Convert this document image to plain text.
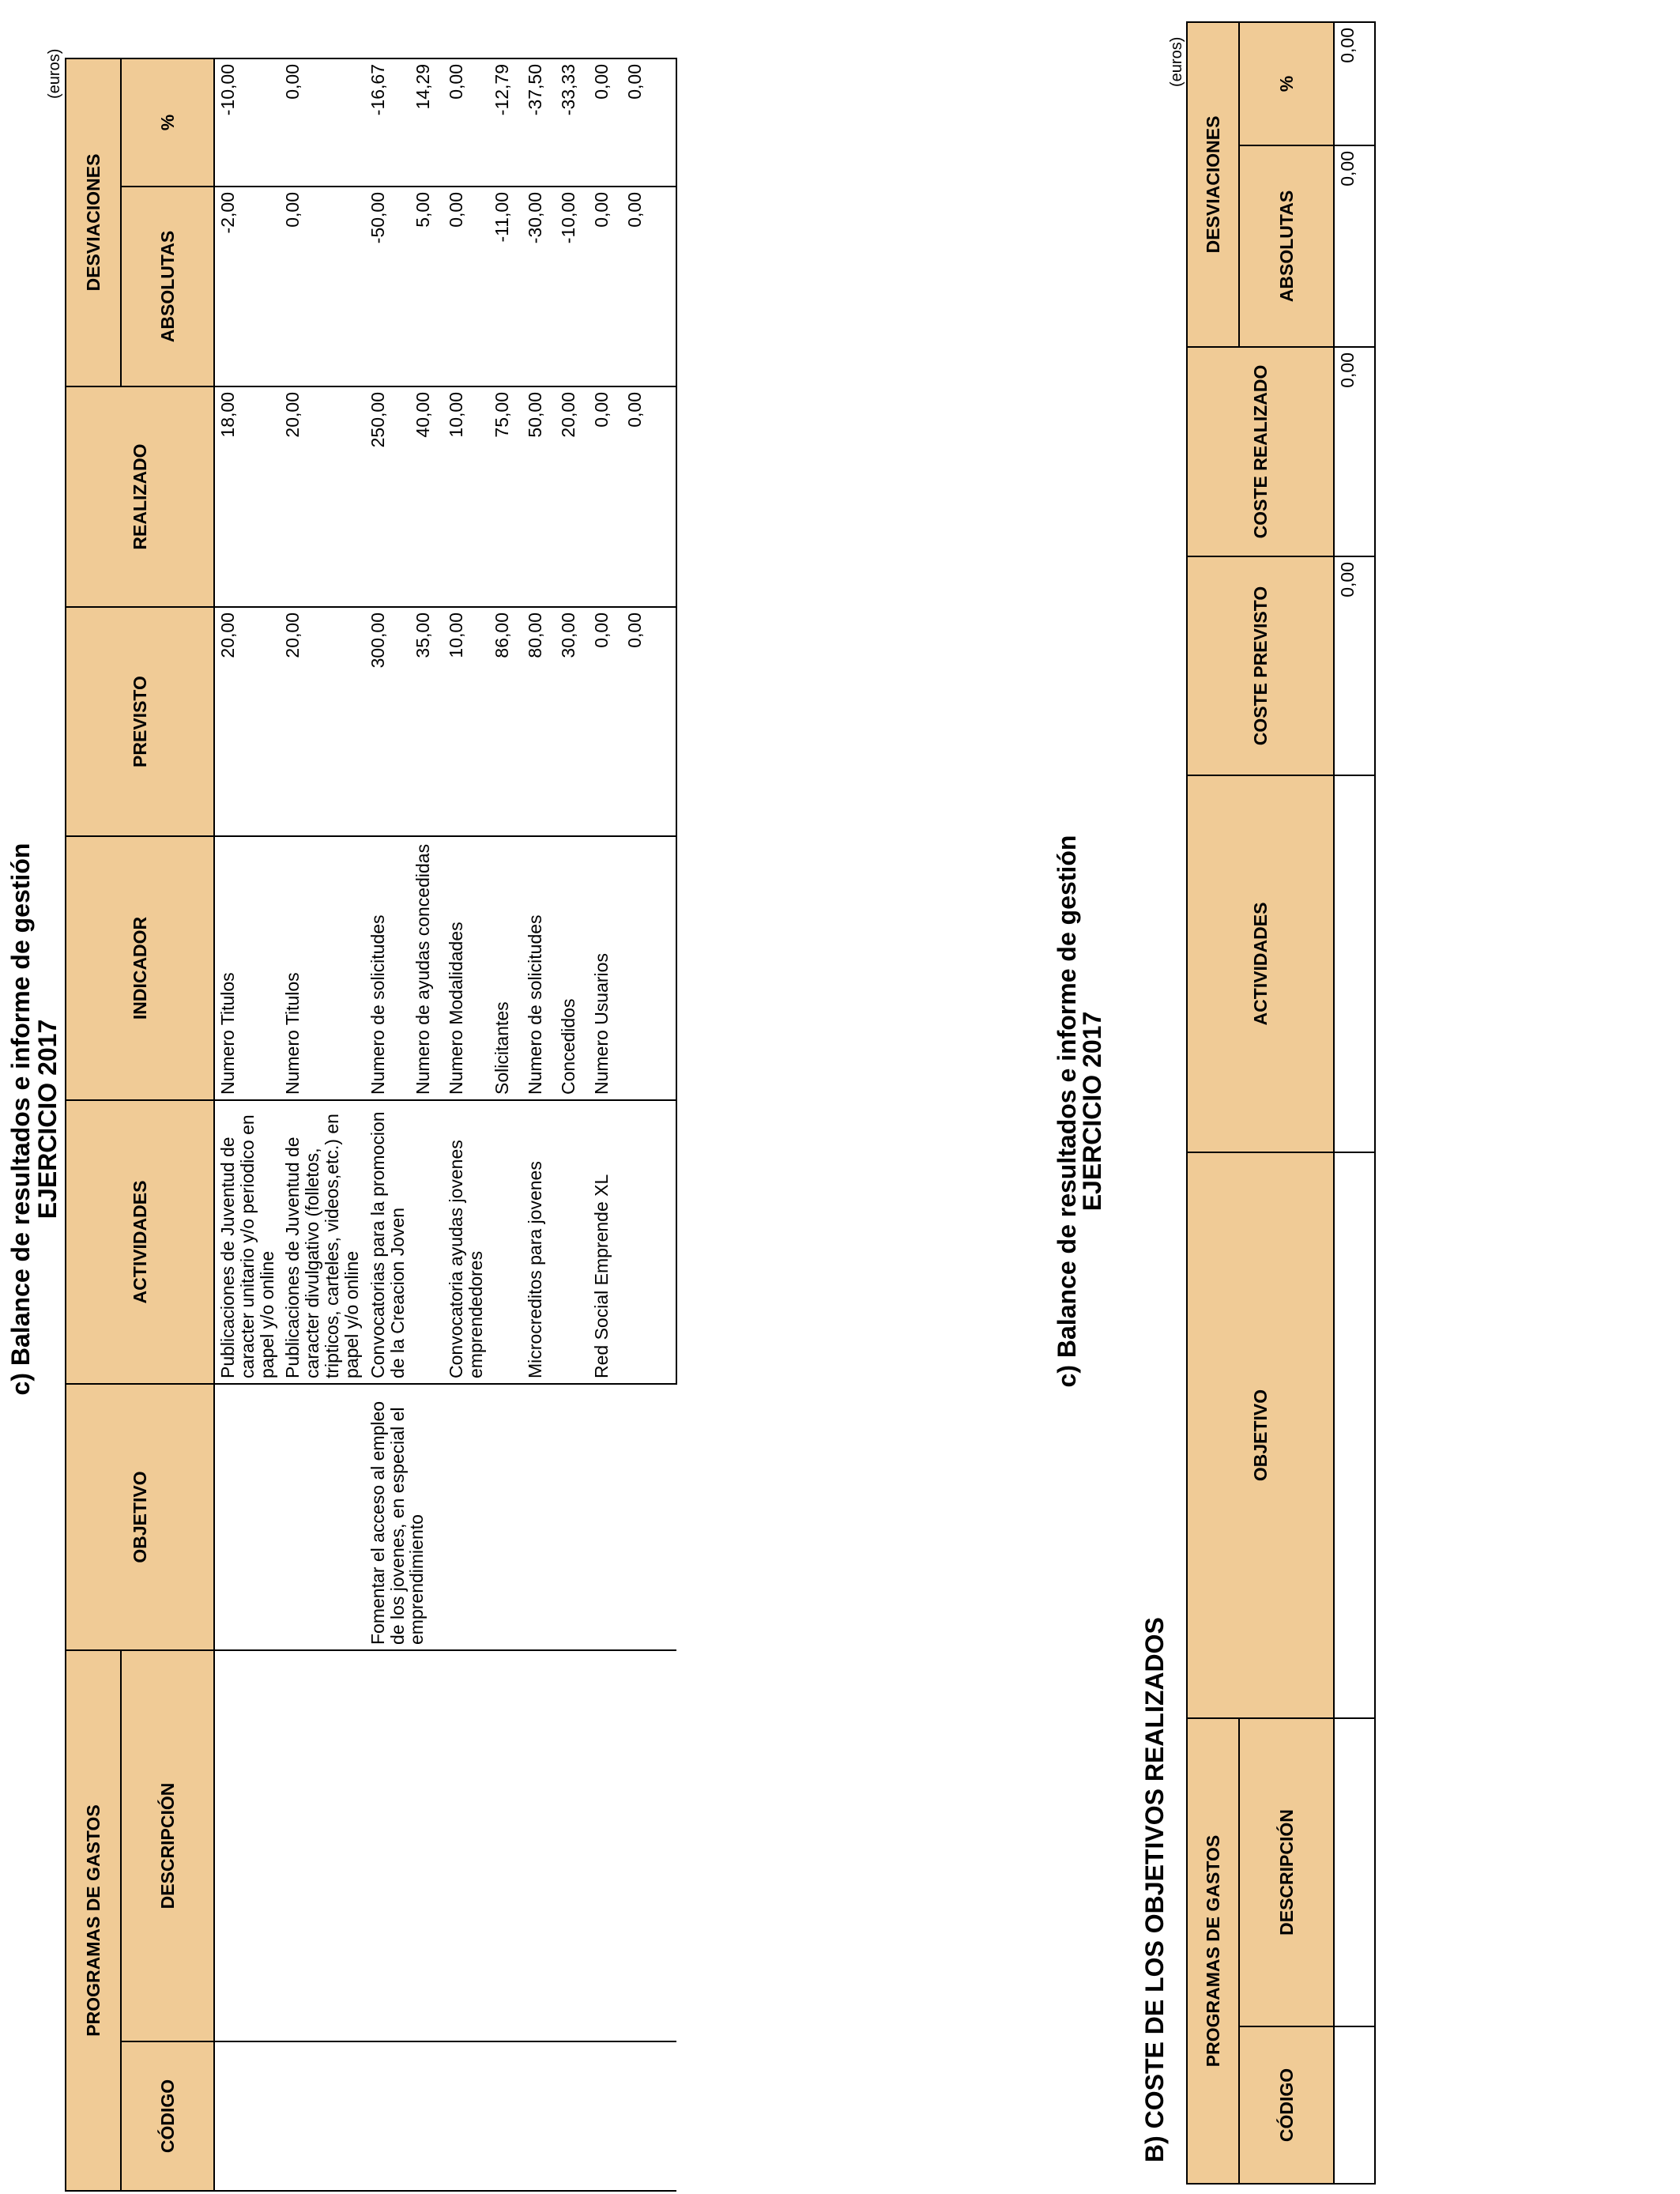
c) Balance de resultados e informe de gestión
EJERCICIO 2017
(euros)
PROGRAMAS DE GASTOS		OBJETIVO	ACTIVIDADES	INDICADOR	PREVISTO	REALIZADO	DESVIACIONES	
CÓDIGO	DESCRIPCIÓN						ABSOLUTAS	%
			Publicaciones de Juventud de caracter unitario y/o periodico en papel y/o online	Numero Titulos	20,00	18,00	-2,00	-10,00
			Publicaciones de Juventud de caracter divulgativo (folletos, tripticos, carteles, videos,etc.) en papel y/o online	Numero Titulos	20,00	20,00	0,00	0,00
		Fomentar el acceso al empleo de los jovenes, en especial el emprendimiento	Convocatorias para la promocion de la Creacion Joven	Numero de solicitudes	300,00	250,00	-50,00	-16,67
				Numero de ayudas concedidas	35,00	40,00	5,00	14,29
			Convocatoria ayudas jovenes emprendedores	Numero Modalidades	10,00	10,00	0,00	0,00
				Solicitantes	86,00	75,00	-11,00	-12,79
			Microcreditos para jovenes	Numero de solicitudes	80,00	50,00	-30,00	-37,50
				Concedidos	30,00	20,00	-10,00	-33,33
			Red Social Emprende XL	Numero Usuarios	0,00	0,00	0,00	0,00
					0,00	0,00	0,00	0,00

c) Balance de resultados e informe de gestión
EJERCICIO 2017
B) COSTE DE LOS OBJETIVOS REALIZADOS
(euros)
PROGRAMAS DE GASTOS		OBJETIVO	ACTIVIDADES	COSTE PREVISTO	COSTE REALIZADO	DESVIACIONES	
CÓDIGO	DESCRIPCIÓN					ABSOLUTAS	%
				0,00	0,00	0,00	0,00
